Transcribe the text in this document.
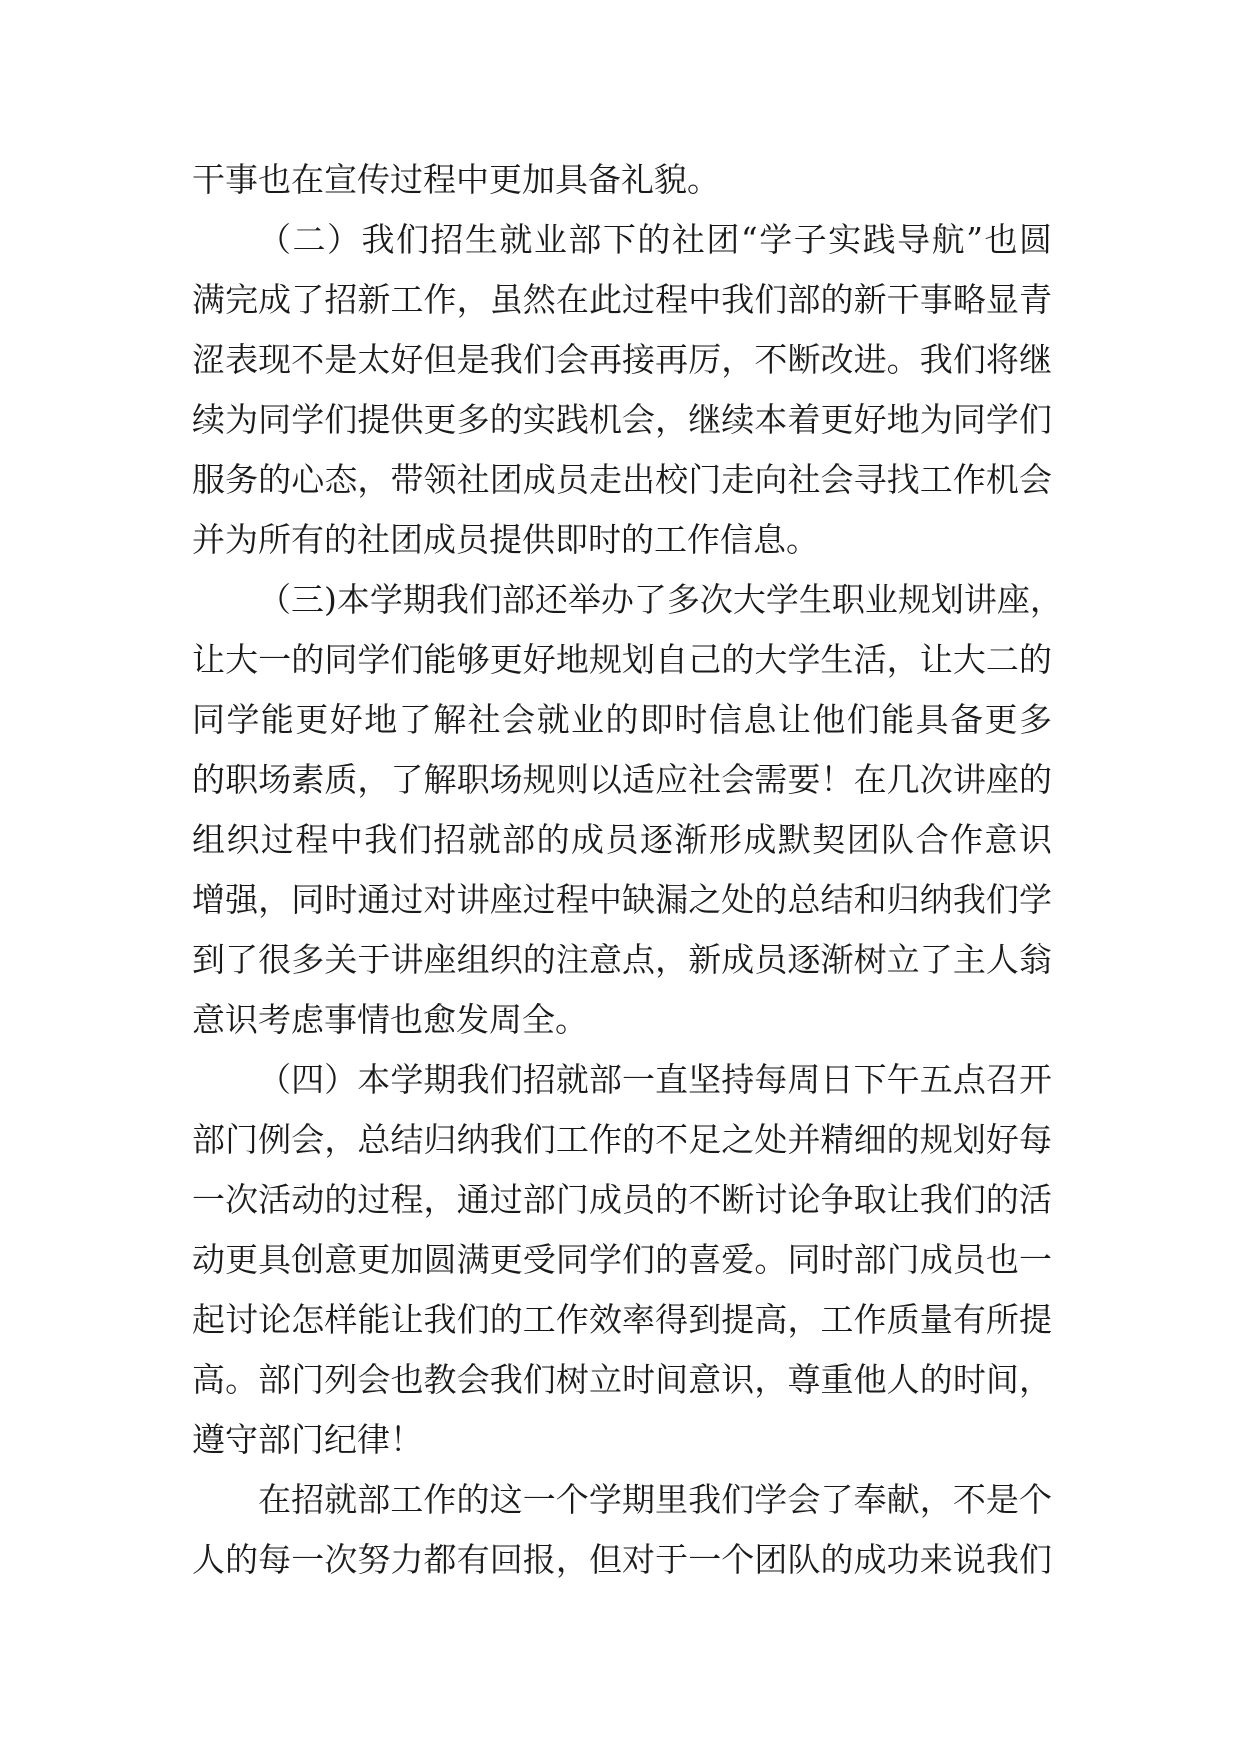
干事也在宣传过程中更加具备礼貌。
（二）我们招生就业部下的社团“学子实践导航”也圆
满完成了招新工作，虽然在此过程中我们部的新干事略显青
涩表现不是太好但是我们会再接再厉，不断改进。我们将继
续为同学们提供更多的实践机会，继续本着更好地为同学们
服务的心态，带领社团成员走出校门走向社会寻找工作机会
并为所有的社团成员提供即时的工作信息。
（三)本学期我们部还举办了多次大学生职业规划讲座，
让大一的同学们能够更好地规划自己的大学生活，让大二的
同学能更好地了解社会就业的即时信息让他们能具备更多
的职场素质，了解职场规则以适应社会需要！在几次讲座的
组织过程中我们招就部的成员逐渐形成默契团队合作意识
增强，同时通过对讲座过程中缺漏之处的总结和归纳我们学
到了很多关于讲座组织的注意点，新成员逐渐树立了主人翁
意识考虑事情也愈发周全。
（四）本学期我们招就部一直坚持每周日下午五点召开
部门例会，总结归纳我们工作的不足之处并精细的规划好每
一次活动的过程，通过部门成员的不断讨论争取让我们的活
动更具创意更加圆满更受同学们的喜爱。同时部门成员也一
起讨论怎样能让我们的工作效率得到提高，工作质量有所提
高。部门列会也教会我们树立时间意识，尊重他人的时间，
遵守部门纪律！
在招就部工作的这一个学期里我们学会了奉献，不是个
人的每一次努力都有回报，但对于一个团队的成功来说我们
